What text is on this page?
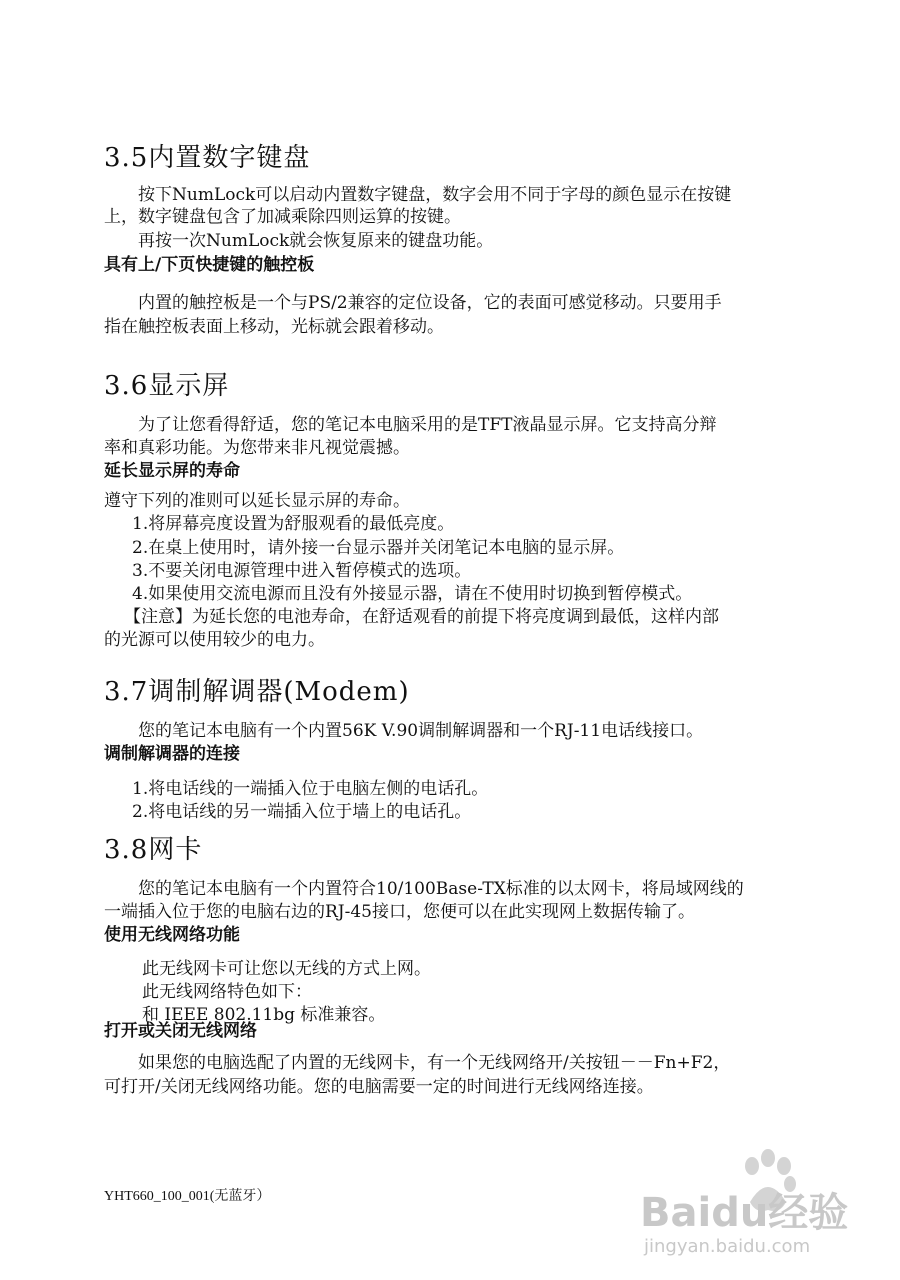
3.5内置数字键盘
按下NumLock可以启动内置数字键盘，数字会用不同于字母的颜色显示在按键
上，数字键盘包含了加减乘除四则运算的按键。
再按一次NumLock就会恢复原来的键盘功能。
具有上/下页快捷键的触控板
内置的触控板是一个与PS/2兼容的定位设备，它的表面可感觉移动。只要用手
指在触控板表面上移动，光标就会跟着移动。
3.6显示屏
为了让您看得舒适，您的笔记本电脑采用的是TFT液晶显示屏。它支持高分辩
率和真彩功能。为您带来非凡视觉震撼。
延长显示屏的寿命
遵守下列的准则可以延长显示屏的寿命。
1.将屏幕亮度设置为舒服观看的最低亮度。
2.在桌上使用时，请外接一台显示器并关闭笔记本电脑的显示屏。
3.不要关闭电源管理中进入暂停模式的选项。
4.如果使用交流电源而且没有外接显示器，请在不使用时切换到暂停模式。
【注意】为延长您的电池寿命，在舒适观看的前提下将亮度调到最低，这样内部
的光源可以使用较少的电力。
3.7调制解调器(Modem)
您的笔记本电脑有一个内置56K V.90调制解调器和一个RJ-11电话线接口。
调制解调器的连接
1.将电话线的一端插入位于电脑左侧的电话孔。
2.将电话线的另一端插入位于墙上的电话孔。
3.8网卡
您的笔记本电脑有一个内置符合10/100Base-TX标准的以太网卡，将局域网线的
一端插入位于您的电脑右边的RJ-45接口，您便可以在此实现网上数据传输了。
使用无线网络功能
此无线网卡可让您以无线的方式上网。
此无线网络特色如下：
和 IEEE 802.11bg 标准兼容。
打开或关闭无线网络
如果您的电脑选配了内置的无线网卡，有一个无线网络开/关按钮－－Fn+F2，
可打开/关闭无线网络功能。您的电脑需要一定的时间进行无线网络连接。
YHT660_100_001(无蓝牙）	Baidu经验
jingyan.baidu.com
